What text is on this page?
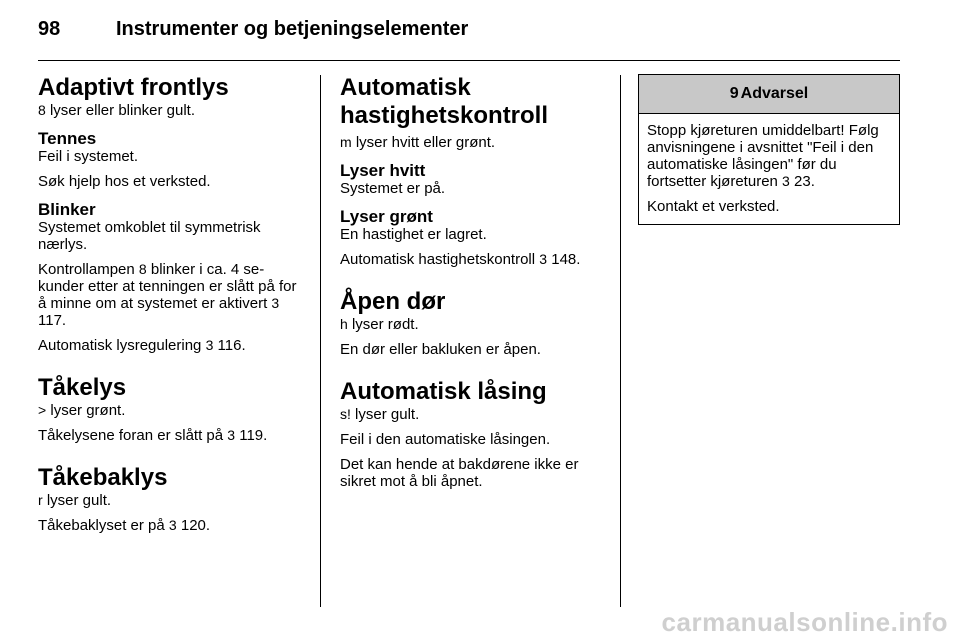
98	Instrumenter og betjeningselementer
Adaptivt frontlys

8 lyser eller blinker gult.

Tennes

Feil i systemet.

Søk hjelp hos et verksted.

Blinker

Systemet omkoblet til symmetrisk nærlys.

Kontrollampen 8 blinker i ca. 4 se-kunder etter at tenningen er slått på for å minne om at systemet er aktivert 3 117.

Automatisk lysregulering 3 116.

Tåkelys

> lyser grønt.

Tåkelysene foran er slått på 3 119.

Tåkebaklys

r lyser gult.

Tåkebaklyset er på 3 120.

Automatisk
hastighetskontroll

m lyser hvitt eller grønt.

Lyser hvitt

Systemet er på.

Lyser grønt

En hastighet er lagret.

Automatisk hastighetskontroll 3 148.

Åpen dør

h lyser rødt.

En dør eller bakluken er åpen.

Automatisk låsing

s! lyser gult.

Feil i den automatiske låsingen.

Det kan hende at bakdørene ikke er sikret mot å bli åpnet.

9 Advarsel

Stopp kjøreturen umiddelbart! Følg anvisningene i avsnittet "Feil i den automatiske låsingen" før du fortsetter kjøreturen 3 23.

Kontakt et verksted.

carmanualsonline.info
